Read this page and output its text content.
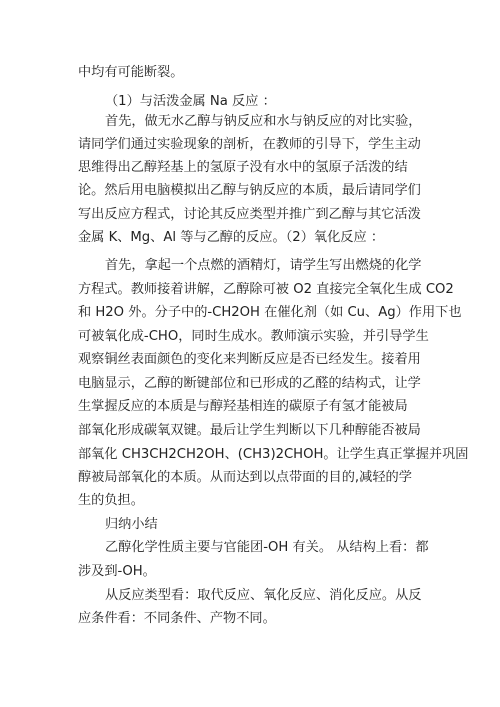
中均有可能断裂。
（1）与活泼金属 Na 反应 ：
首先，做无水乙醇与钠反应和水与钠反应的对比实验，
请同学们通过实验现象的剖析，在教师的引导下，学生主动
思维得出乙醇羟基上的氢原子没有水中的氢原子活泼的结
论。然后用电脑模拟出乙醇与钠反应的本质，最后请同学们
写出反应方程式，讨论其反应类型并推广到乙醇与其它活泼
金属 K、Mg、Al 等与乙醇的反应。（2）氧化反应 ：
首先，拿起一个点燃的酒精灯，请学生写出燃烧的化学
方程式。教师接着讲解，乙醇除可被 O2 直接完全氧化生成 CO2
和 H2O 外。分子中的-CH2OH 在催化剂（如 Cu、Ag）作用下也
可被氧化成-CHO，同时生成水。教师演示实验，并引导学生
观察铜丝表面颜色的变化来判断反应是否已经发生。接着用
电脑显示，乙醇的断键部位和已形成的乙醛的结构式，让学
生掌握反应的本质是与醇羟基相连的碳原子有氢才能被局
部氧化形成碳氧双键。最后让学生判断以下几种醇能否被局
部氧化 CH3CH2CH2OH、(CH3)2CHOH。让学生真正掌握并巩固
醇被局部氧化的本质。从而达到以点带面的目的,减轻的学
生的负担。
归纳小结
乙醇化学性质主要与官能团-OH 有关。 从结构上看：都
涉及到-OH。
从反应类型看：取代反应、氧化反应、消化反应。从反
应条件看：不同条件、产物不同。
